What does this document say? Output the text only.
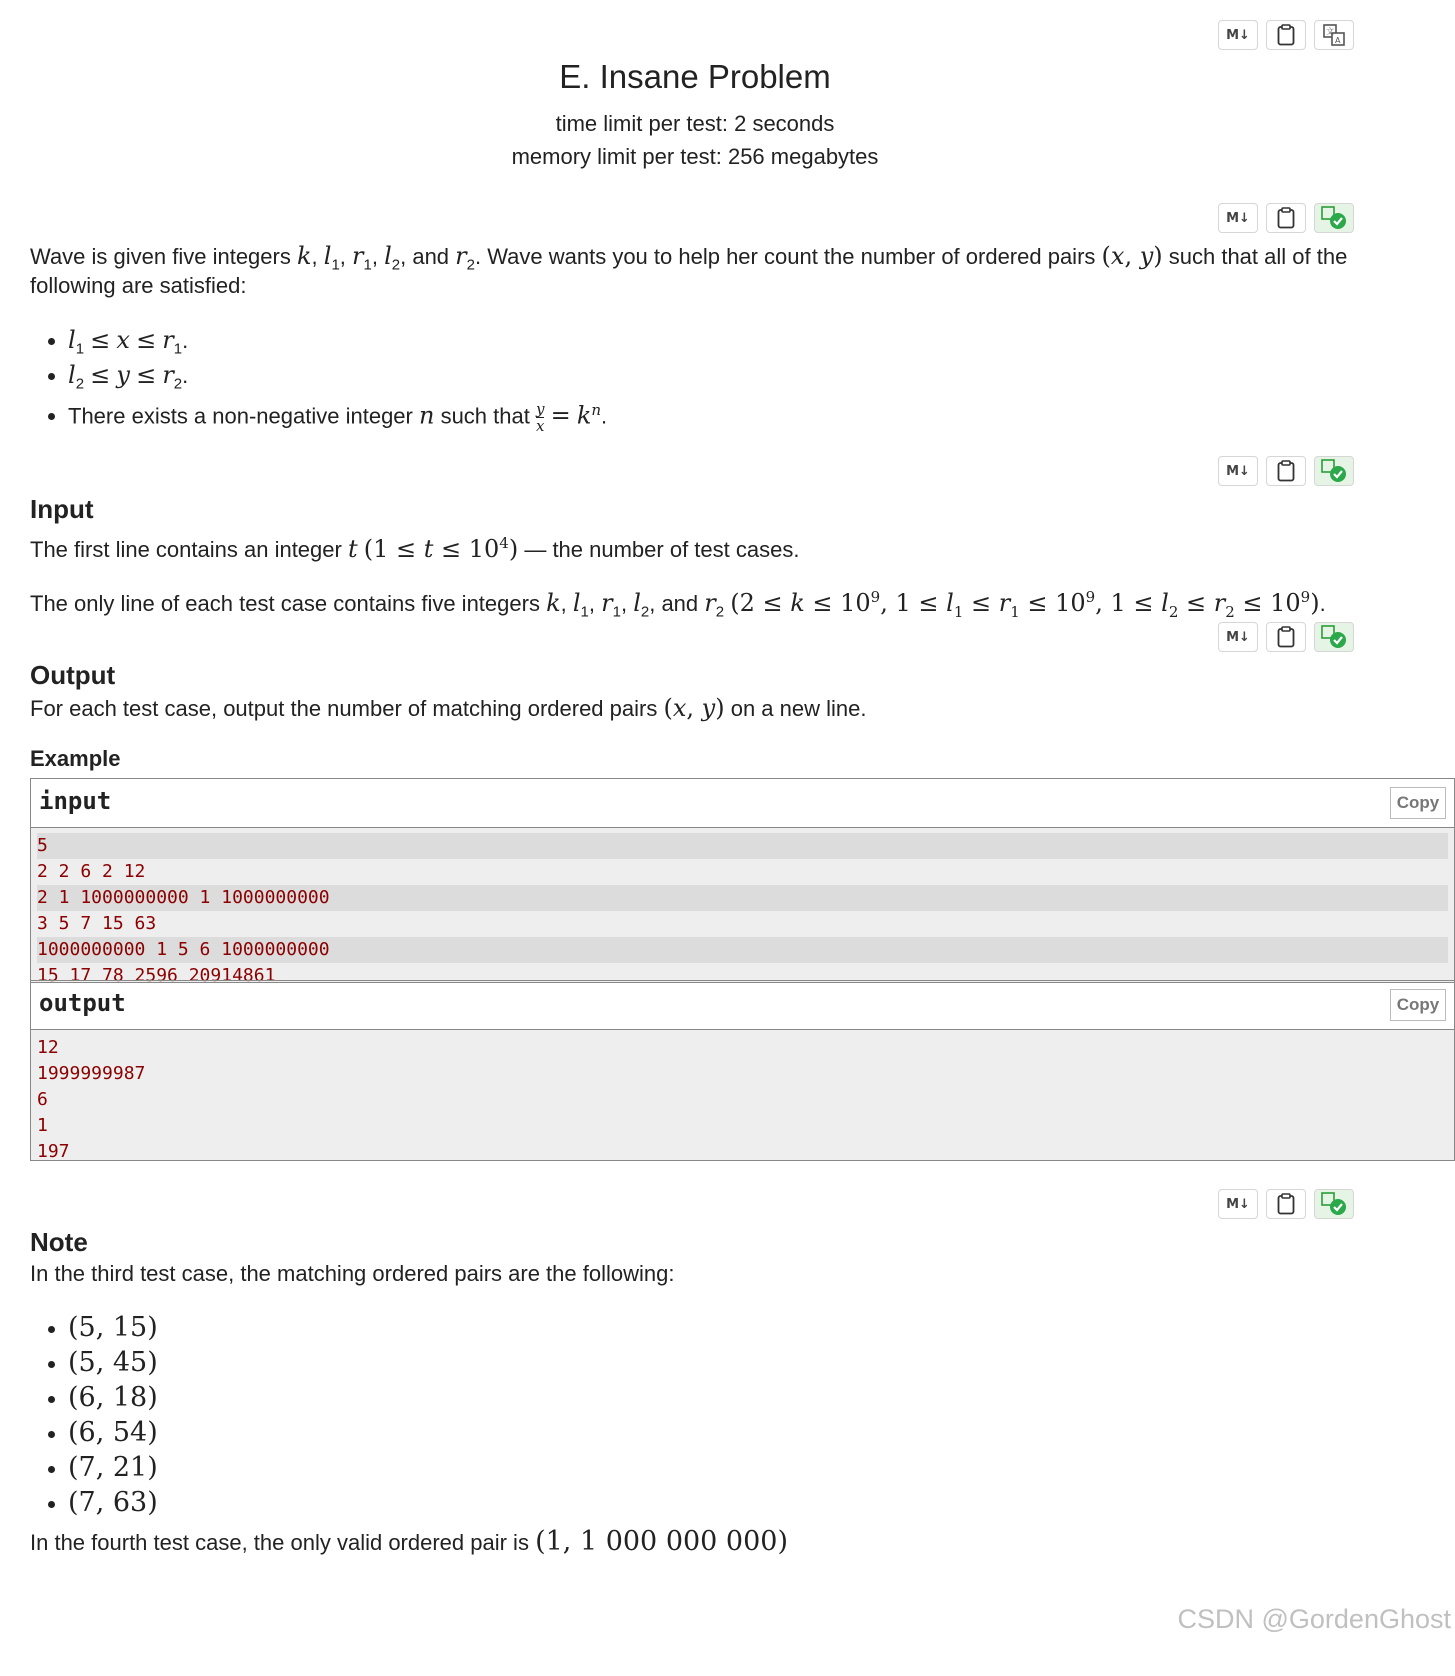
M↓	A
文
E. Insane Problem
time limit per test: 2 seconds
memory limit per test: 256 megabytes
M↓
Wave is given five integers k, $l_1$, $r_1$, $l_2$, and $r_2$. Wave wants you to help her count the number of ordered pairs (x, y) such that all of the
following are satisfied:
• $l_1 \le x \le r_1$.
• $l_2 \le y \le r_2$.
• There exists a non-negative integer n such that $\frac{y}{x} = k^n$.
M↓
Input
The first line contains an integer t $(1 \le t \le 10^4)$ — the number of test cases.
The only line of each test case contains five integers k, $l_1$, $r_1$, $l_2$, and $r_2$ ($2 \le k \le 10^9$, $1 \le l_1 \le r_1 \le 10^9$, $1 \le l_2 \le r_2 \le 10^9$).
M↓
Output
For each test case, output the number of matching ordered pairs (x, y) on a new line.
Example
input	Copy
5
2 2 6 2 12
2 1 1000000000 1 1000000000
3 5 7 15 63
1000000000 1 5 6 1000000000
15 17 78 2596 20914861
output	Copy
12
1999999987
6
1
197
M↓
Note
In the third test case, the matching ordered pairs are the following:
• (5, 15)
• (5, 45)
• (6, 18)
• (6, 54)
• (7, 21)
• (7, 63)
In the fourth test case, the only valid ordered pair is (1, 1 000 000 000)
CSDN @GordenGhost
